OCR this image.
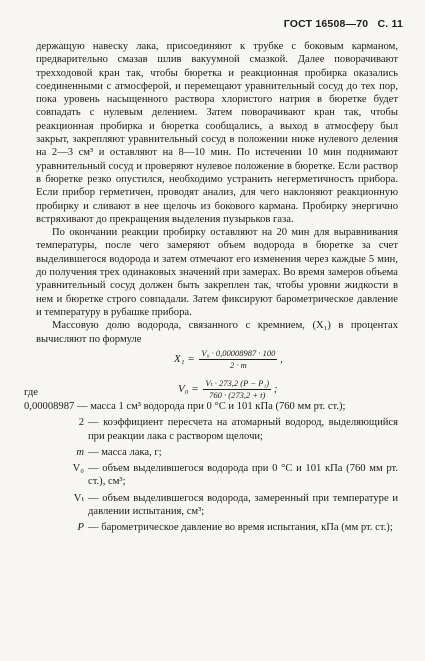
ГОСТ 16508—70 С. 11

держащую навеску лака, присоединяют к трубке с боковым карманом, предварительно смазав шлив вакуумной смазкой. Далее поворачивают трехходовой кран так, чтобы бюретка и реакционная пробирка оказались соединенными с атмосферой, и перемещают уравнительный сосуд до тех пор, пока уровень насыщенного раствора хлористого натрия в бюретке будет совпадать с нулевым делением. Затем поворачивают кран так, чтобы реакционная пробирка и бюретка сообщались, а выход в атмосферу был закрыт, закрепляют уравнительный сосуд в положении ниже нулевого деления на 2—3 см³ и оставляют на 8—10 мин. По истечении 10 мин поднимают уравнительный сосуд и проверяют нулевое положение в бюретке. Если раствор в бюретке резко опустился, необходимо устранить негерметичность прибора. Если прибор герметичен, проводят анализ, для чего наклоняют реакционную пробирку и сливают в нее щелочь из бокового кармана. Пробирку энергично встряхивают до прекращения выделения пузырьков газа.

По окончании реакции пробирку оставляют на 20 мин для выравнивания температуры, после чего замеряют объем водорода в бюретке за счет выделившегося водорода и затем отмечают его изменения через каждые 5 мин, до получения трех одинаковых значений при замерах. Во время замеров объема уравнительный сосуд должен быть закреплен так, чтобы уровни жидкости в нем и бюретке строго совпадали. Затем фиксируют барометрическое давление и температуру в рубашке прибора.

Массовую долю водорода, связанного с кремнием, (X₁) в процентах вычисляют по формуле

$X_1 = \frac{\text{V₀ · 0,00008987 · 100}}{2 \cdot m}$ ,
где	$V_0 = \frac{\text{Vₜ · 273,2 (P − P₁)}}{760 \cdot (273,2 + t)}$ ;
0,00008987 — масса 1 см³ водорода при 0 °С и 101 кПа (760 мм рт. ст.);
2 — коэффициент пересчета на атомарный водород, выделяющийся при реакции лака с раствором щелочи;
m — масса лака, г;
V₀ — объем выделившегося водорода при 0 °С и 101 кПа (760 мм рт. ст.), см³;
Vₜ — объем выделившегося водорода, замеренный при температуре и давлении испытания, см³;
P — барометрическое давление во время испытания, кПа (мм рт. ст.);
